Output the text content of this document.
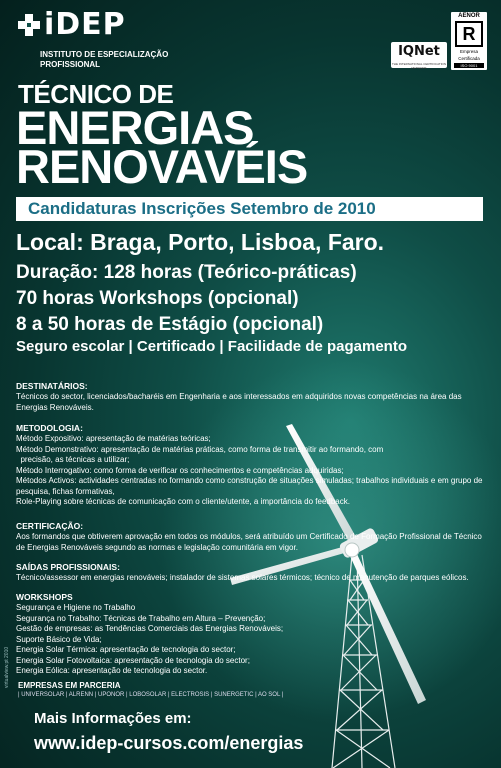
iDEP
INSTITUTO DE ESPECIALIZAÇÃO
PROFISSIONAL
IQNet
THE INTERNATIONAL CERTIFICATION NETWORK
AENOR
R
Empresa
Certificada
ISO 9001
TÉCNICO DE
ENERGIAS
RENOVAVÉIS
Candidaturas Inscrições Setembro de 2010
Local: Braga, Porto, Lisboa, Faro.
Duração: 128 horas (Teórico-práticas)
70 horas Workshops (opcional)
8 a 50 horas de Estágio (opcional)
Seguro escolar | Certificado | Facilidade de pagamento
DESTINATÁRIOS:

Técnicos do sector, licenciados/bacharéis em Engenharia e aos interessados em adquiridos novas competências na área das Energias Renováveis.

METODOLOGIA:
Método Expositivo: apresentação de matérias teóricas;
Método Demonstrativo: apresentação de matérias práticas, como forma de transmitir ao formando, com
precisão, as técnicas a utilizar;
Método Interrogativo: como forma de verificar os conhecimentos e competências adquiridas;
Métodos Activos: actividades centradas no formando como construção de situações simuladas; trabalhos individuais e em grupo de pesquisa, fichas formativas,
Role-Playing sobre técnicas de comunicação com o cliente/utente, a importância do feedback.
CERTIFICAÇÃO:

Aos formandos que obtiverem aprovação em todos os módulos, será atribuído um Certificado de Formação Profissional de Técnico de Energias Renováveis segundo as normas e legislação comunitária em vigor.

SAÍDAS PROFISSIONAIS:

Técnico/assessor em energias renováveis; instalador de sistemas solares térmicos; técnico de manutenção de parques eólicos.

WORKSHOPS
Segurança e Higiene no Trabalho
Segurança no Trabalho: Técnicas de Trabalho em Altura – Prevenção;
Gestão de empresas: as Tendências Comerciais das Energias Renováveis;
Suporte Básico de Vida;
Energia Solar Térmica: apresentação de tecnologia do sector;
Energia Solar Fotovoltaica: apresentação de tecnologia do sector;
Energia Eólica: apresentação de tecnologia do sector.
EMPRESAS EM PARCERIA
| UNIVERSOLAR | ALRENN | UPONOR | LOBOSOLAR | ELECTROSIS | SUNERGETIC | AO SOL |
virtualview.pt 2010
Mais Informações em:
www.idep-cursos.com/energias
